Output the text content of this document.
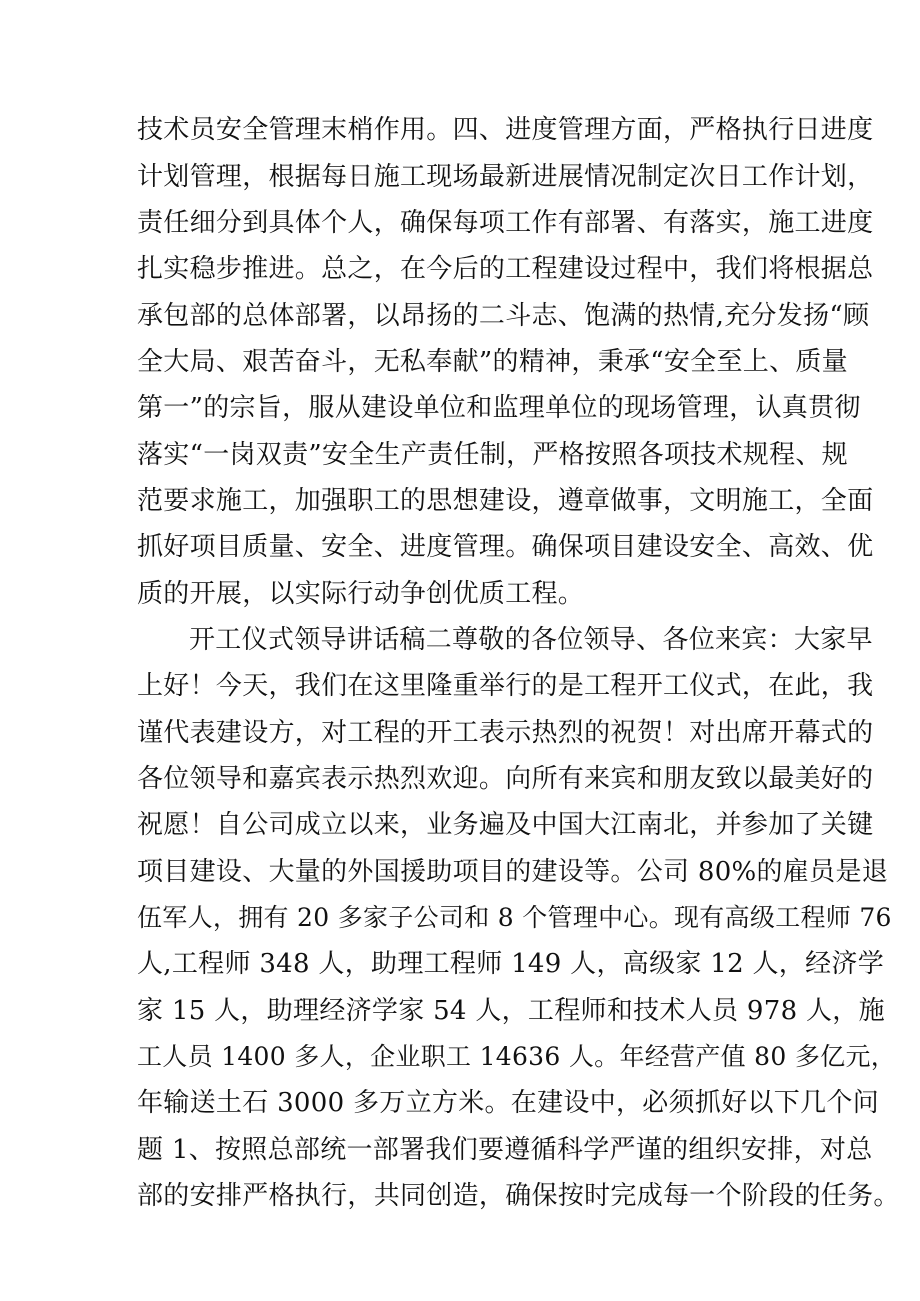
技术员安全管理末梢作用。四、进度管理方面，严格执行日进度
计划管理，根据每日施工现场最新进展情况制定次日工作计划，
责任细分到具体个人，确保每项工作有部署、有落实，施工进度
扎实稳步推进。总之，在今后的工程建设过程中，我们将根据总
承包部的总体部署，以昂扬的二斗志、饱满的热情,充分发扬“顾
全大局、艰苦奋斗，无私奉献”的精神，秉承“安全至上、质量
第一”的宗旨，服从建设单位和监理单位的现场管理，认真贯彻
落实“一岗双责”安全生产责任制，严格按照各项技术规程、规
范要求施工，加强职工的思想建设，遵章做事，文明施工，全面
抓好项目质量、安全、进度管理。确保项目建设安全、高效、优
质的开展，以实际行动争创优质工程。
开工仪式领导讲话稿二尊敬的各位领导、各位来宾：大家早
上好！今天，我们在这里隆重举行的是工程开工仪式，在此，我
谨代表建设方，对工程的开工表示热烈的祝贺！对出席开幕式的
各位领导和嘉宾表示热烈欢迎。向所有来宾和朋友致以最美好的
祝愿！自公司成立以来，业务遍及中国大江南北，并参加了关键
项目建设、大量的外国援助项目的建设等。公司 80%的雇员是退
伍军人，拥有 20 多家子公司和 8 个管理中心。现有高级工程师 76
人,工程师 348 人，助理工程师 149 人，高级家 12 人，经济学
家 15 人，助理经济学家 54 人，工程师和技术人员 978 人，施
工人员 1400 多人，企业职工 14636 人。年经营产值 80 多亿元，
年输送土石 3000 多万立方米。在建设中，必须抓好以下几个问
题 1、按照总部统一部署我们要遵循科学严谨的组织安排，对总
部的安排严格执行，共同创造，确保按时完成每一个阶段的任务。
